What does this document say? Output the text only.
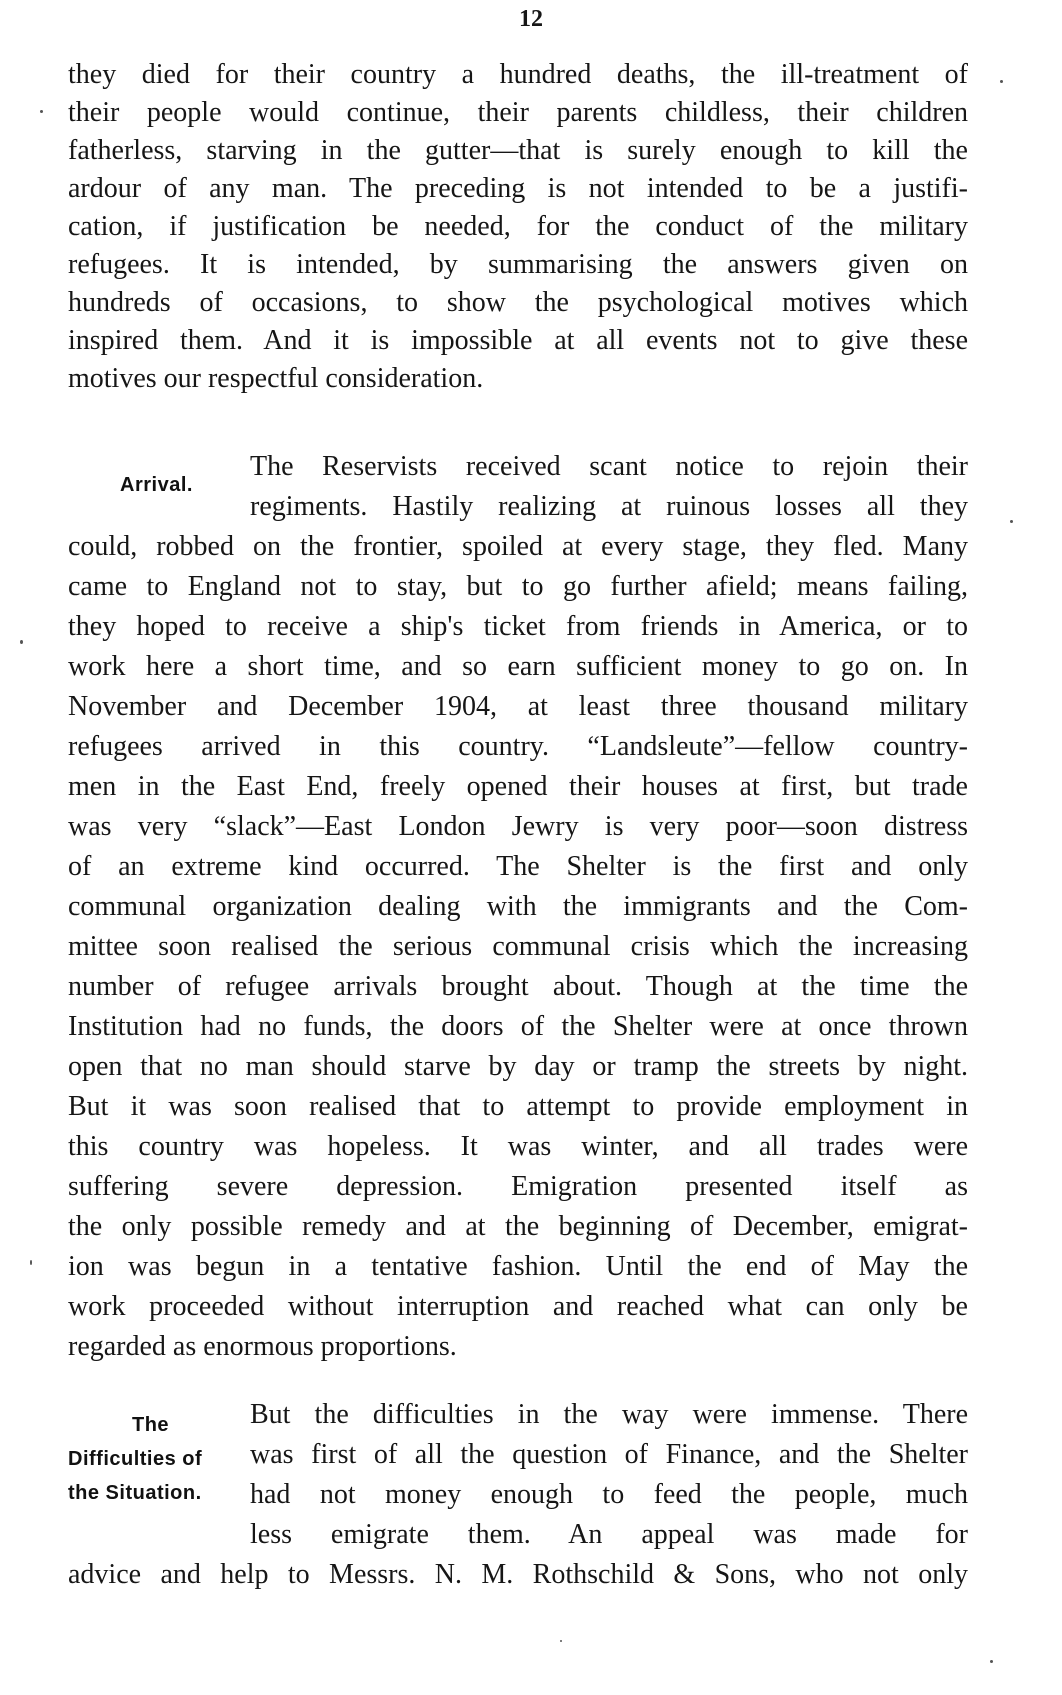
12
they died for their country a hundred deaths, the ill-treatment of
their people would continue, their parents childless, their children
fatherless, starving in the gutter—that is surely enough to kill the
ardour of any man. The preceding is not intended to be a justifi-
cation, if justification be needed, for the conduct of the military
refugees. It is intended, by summarising the answers given on
hundreds of occasions, to show the psychological motives which
inspired them. And it is impossible at all events not to give these
motives our respectful consideration.
Arrival.
The Reservists received scant notice to rejoin their
regiments. Hastily realizing at ruinous losses all they
could, robbed on the frontier, spoiled at every stage, they fled. Many
came to England not to stay, but to go further afield; means failing,
they hoped to receive a ship's ticket from friends in America, or to
work here a short time, and so earn sufficient money to go on. In
November and December 1904, at least three thousand military
refugees arrived in this country. “Landsleute”—fellow country-
men in the East End, freely opened their houses at first, but trade
was very “slack”—East London Jewry is very poor—soon distress
of an extreme kind occurred. The Shelter is the first and only
communal organization dealing with the immigrants and the Com-
mittee soon realised the serious communal crisis which the increasing
number of refugee arrivals brought about. Though at the time the
Institution had no funds, the doors of the Shelter were at once thrown
open that no man should starve by day or tramp the streets by night.
But it was soon realised that to attempt to provide employment in
this country was hopeless. It was winter, and all trades were
suffering severe depression. Emigration presented itself as
the only possible remedy and at the beginning of December, emigrat-
ion was begun in a tentative fashion. Until the end of May the
work proceeded without interruption and reached what can only be
regarded as enormous proportions.
The
Difficulties of
the Situation.
But the difficulties in the way were immense. There
was first of all the question of Finance, and the Shelter
had not money enough to feed the people, much
less emigrate them. An appeal was made for
advice and help to Messrs. N. M. Rothschild & Sons, who not only
